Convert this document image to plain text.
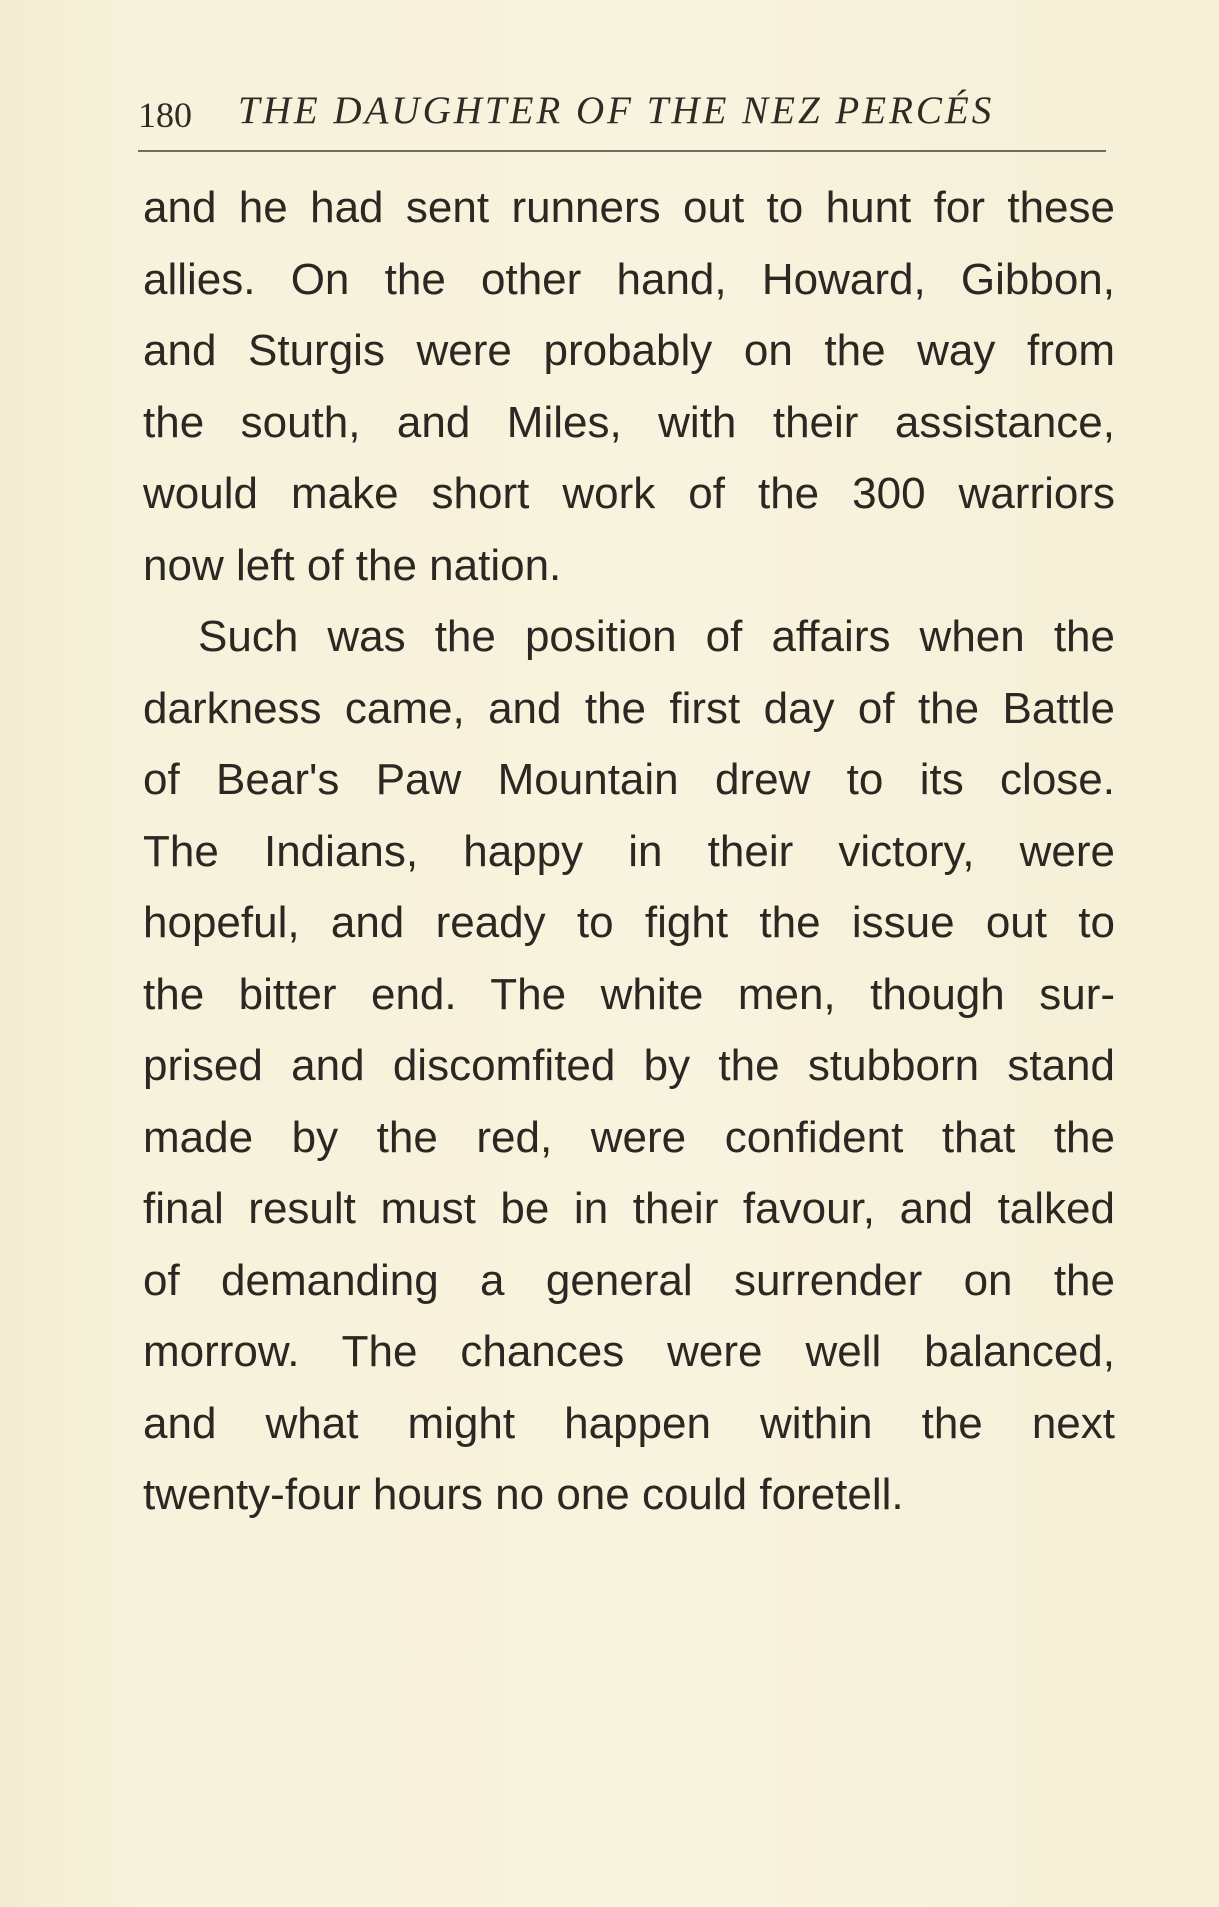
180 THE DAUGHTER OF THE NEZ PERCÉS
and he had sent runners out to hunt for these
allies. On the other hand, Howard, Gibbon,
and Sturgis were probably on the way from
the south, and Miles, with their assistance,
would make short work of the 300 warriors
now left of the nation.
Such was the position of affairs when the
darkness came, and the first day of the Battle
of Bear's Paw Mountain drew to its close.
The Indians, happy in their victory, were
hopeful, and ready to fight the issue out to
the bitter end. The white men, though sur-
prised and discomfited by the stubborn stand
made by the red, were confident that the
final result must be in their favour, and talked
of demanding a general surrender on the
morrow. The chances were well balanced,
and what might happen within the next
twenty-four hours no one could foretell.
